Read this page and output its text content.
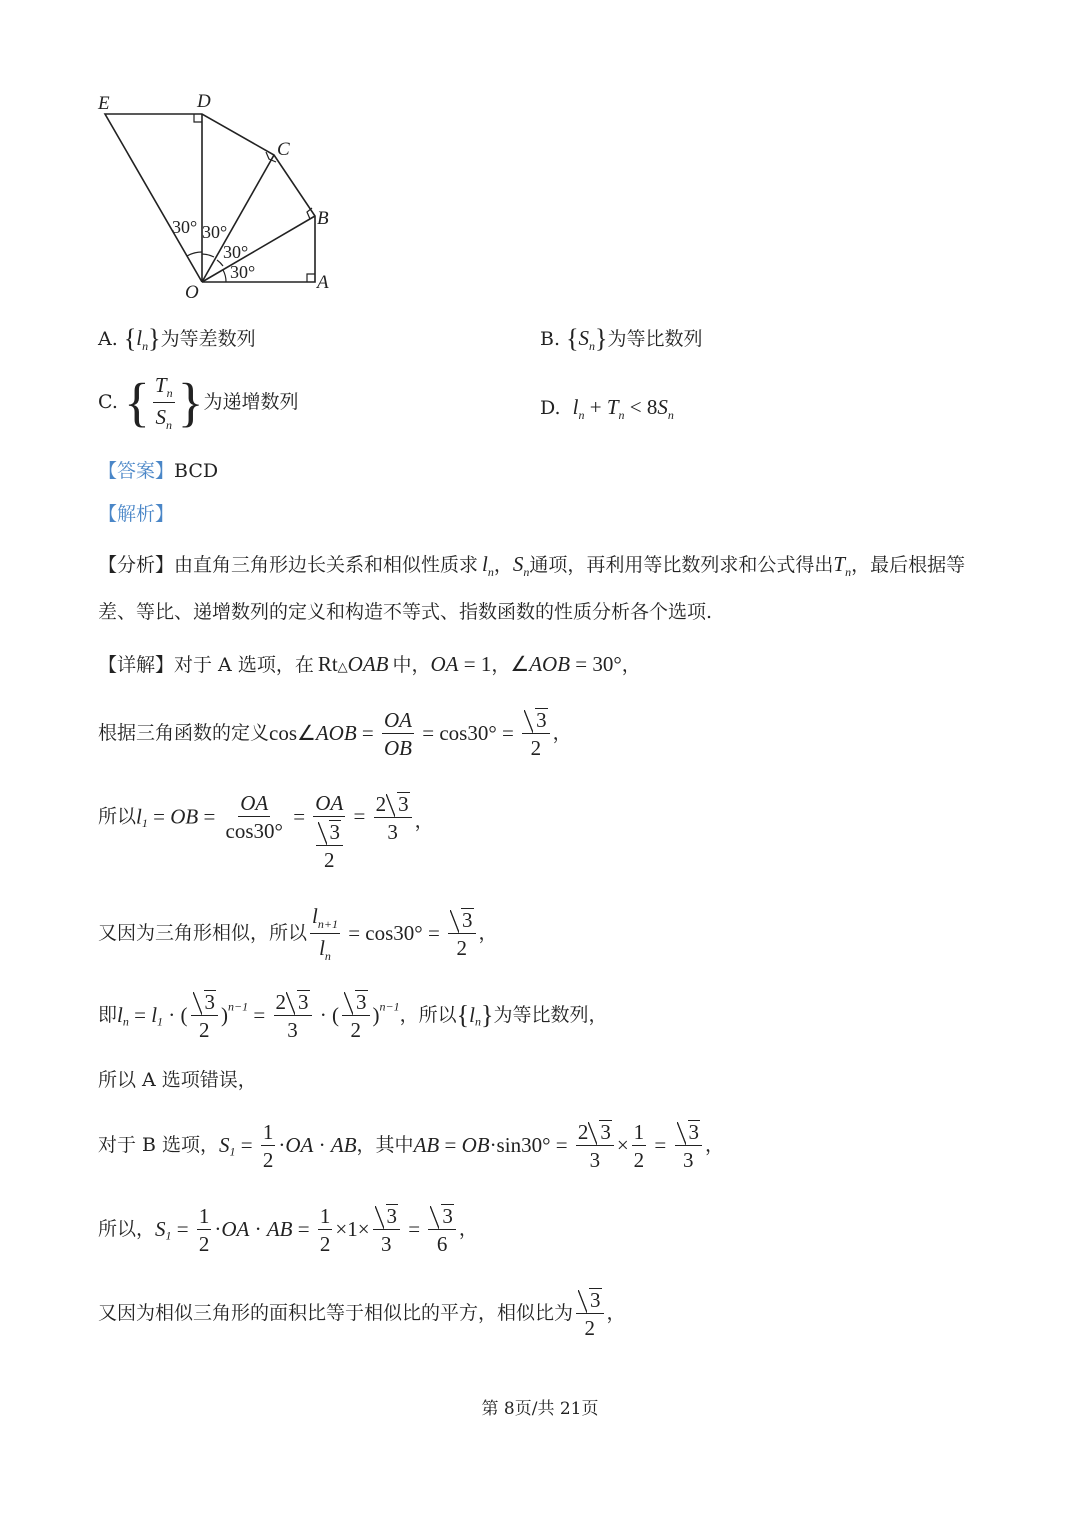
E	D
C
B
A
O
30° 30°
30°
30°
A. $\{l_n\}$为等差数列	B. $\{S_n\}$为等比数列
C. { $\frac{T_n}{S_n}$ }为递增数列	D. $l_n + T_n < 8S_n$
【答案】BCD
【解析】
【分析】由直角三角形边长关系和相似性质求 $l_n$，$S_n$通项，再利用等比数列求和公式得出$T_n$，最后根据等
差、等比、递增数列的定义和构造不等式、指数函数的性质分析各个选项.
【详解】对于 A 选项，在 Rt△OAB 中，OA = 1，∠AOB = 30°，
根据三角函数的定义cos∠AOB = $\frac{OA}{OB} = \cos 30^\circ = \frac{3}{2}$ ，
所以$l_1$ = OB = $\frac{OA}{\cos 30^\circ} = \frac{OA}{\frac{3}{2}} = \frac{2 3}{3}$ ，
又因为三角形相似，所以 $\frac{l_{n+1}}{l_n} = \cos 30^\circ = \frac{3}{2}$ ，
即$l_n = l_1$ · ( $\frac{3}{2} )^{n-1} = \frac{2 3}{3}$ · ( $\frac{3}{2} )^{n-1}$，所以$\{l_n\}$为等比数列，
所以 A 选项错误，
对于 B 选项，$S_1 = \frac{1}{2} \cdot OA$ · AB，其中AB = $OB\cdot\sin 30^\circ = \frac{2 3}{3} \times \frac{1}{2} = \frac{3}{3}$ ，
所以，$S_1 = \frac{1}{2} \cdot OA$ · AB = $\frac{1}{2} \times 1\times \frac{3}{3} = \frac{3}{6}$ ，
又因为相似三角形的面积比等于相似比的平方，相似比为 $\frac{3}{2}$ ，
第 8页/共 21页
